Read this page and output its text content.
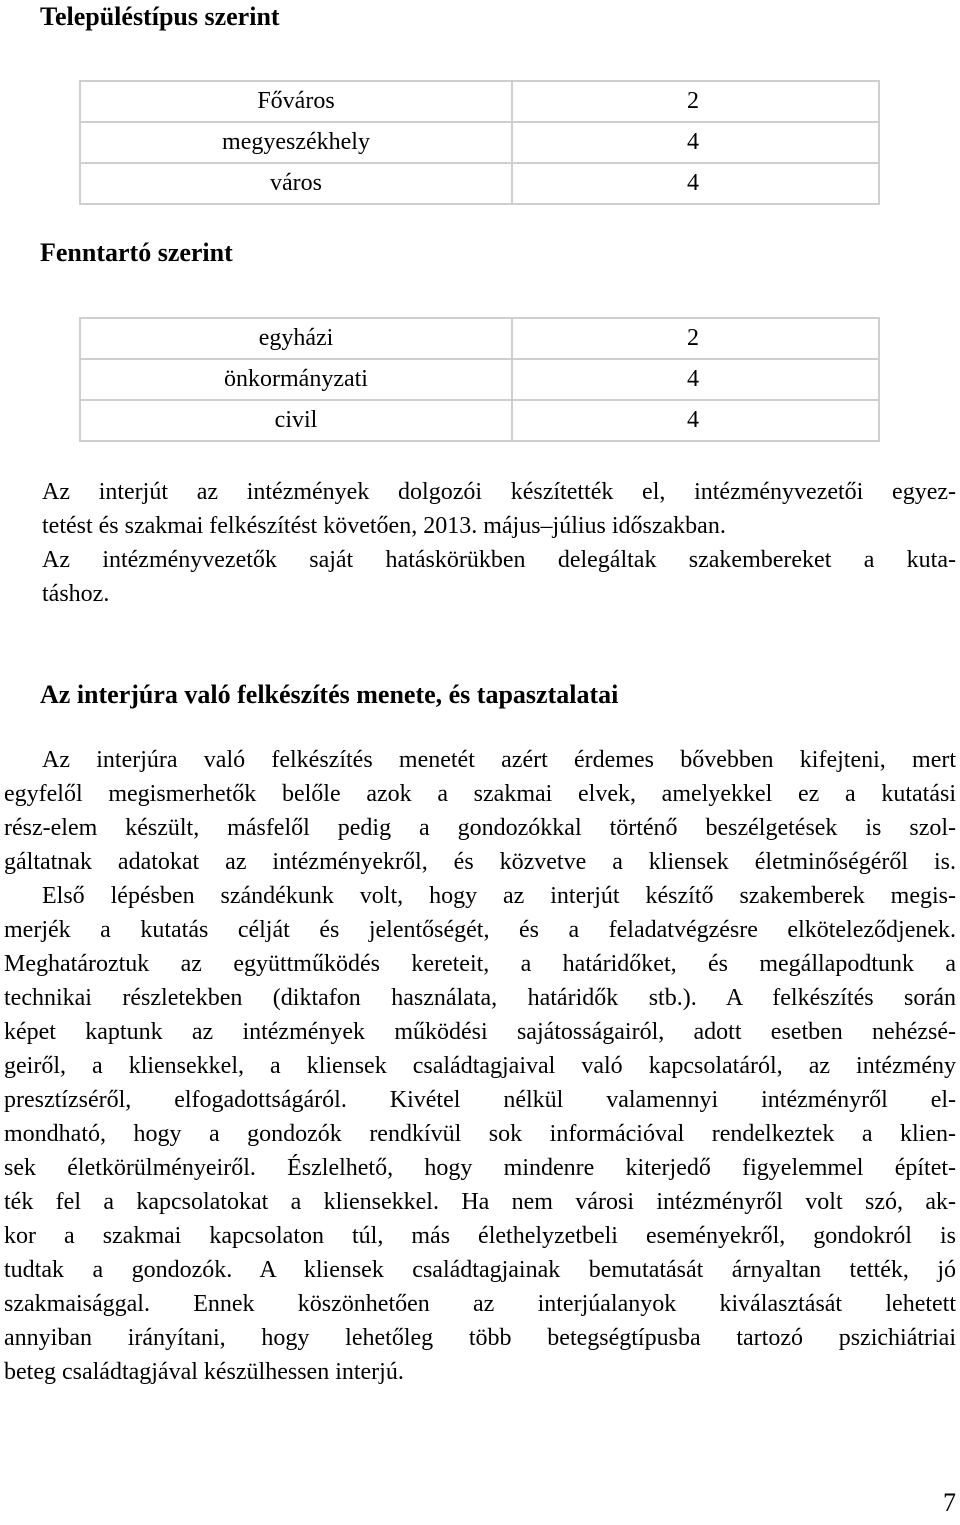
Településtípus szerint
Főváros	2
megyeszékhely	4
város	4
Fenntartó szerint
egyházi	2
önkormányzati	4
civil	4
Az interjút az intézmények dolgozói készítették el, intézményvezetői egyez-
tetést és szakmai felkészítést követően, 2013. május–július időszakban.
Az intézményvezetők saját hatáskörükben delegáltak szakembereket a kuta-
táshoz.
Az interjúra való felkészítés menete, és tapasztalatai
Az interjúra való felkészítés menetét azért érdemes bővebben kifejteni, mert
egyfelől megismerhetők belőle azok a szakmai elvek, amelyekkel ez a kutatási
rész-elem készült, másfelől pedig a gondozókkal történő beszélgetések is szol-
gáltatnak adatokat az intézményekről, és közvetve a kliensek életminőségéről is.
Első lépésben szándékunk volt, hogy az interjút készítő szakemberek megis-
merjék a kutatás célját és jelentőségét, és a feladatvégzésre elköteleződjenek.
Meghatároztuk az együttműködés kereteit, a határidőket, és megállapodtunk a
technikai részletekben (diktafon használata, határidők stb.). A felkészítés során
képet kaptunk az intézmények működési sajátosságairól, adott esetben nehézsé-
geiről, a kliensekkel, a kliensek családtagjaival való kapcsolatáról, az intézmény
presztízséről, elfogadottságáról. Kivétel nélkül valamennyi intézményről el-
mondható, hogy a gondozók rendkívül sok információval rendelkeztek a klien-
sek életkörülményeiről. Észlelhető, hogy mindenre kiterjedő figyelemmel építet-
ték fel a kapcsolatokat a kliensekkel. Ha nem városi intézményről volt szó, ak-
kor a szakmai kapcsolaton túl, más élethelyzetbeli eseményekről, gondokról is
tudtak a gondozók. A kliensek családtagjainak bemutatását árnyaltan tették, jó
szakmaisággal. Ennek köszönhetően az interjúalanyok kiválasztását lehetett
annyiban irányítani, hogy lehetőleg több betegségtípusba tartozó pszichiátriai
beteg családtagjával készülhessen interjú.
7
